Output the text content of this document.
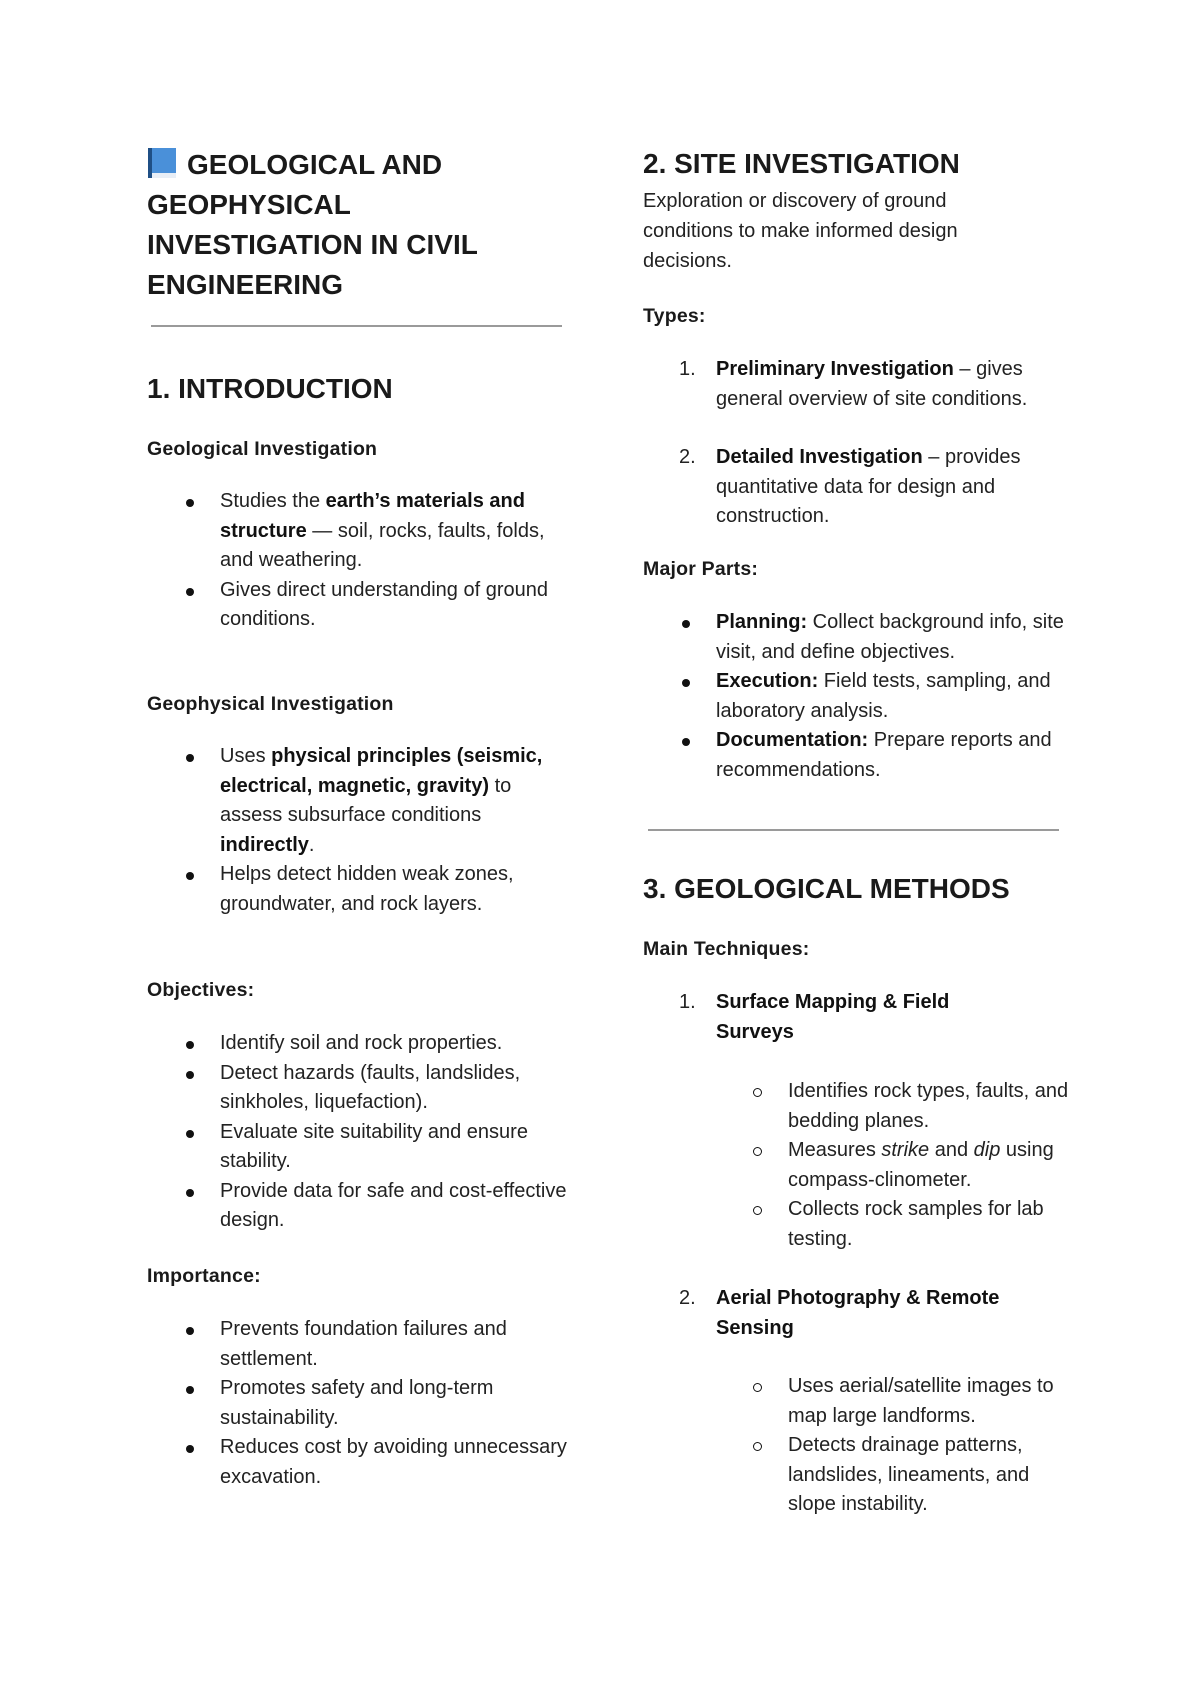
GEOLOGICAL AND GEOPHYSICAL INVESTIGATION IN CIVIL ENGINEERING
1. INTRODUCTION
Geological Investigation
Studies the earth’s materials and structure — soil, rocks, faults, folds, and weathering.
Gives direct understanding of ground conditions.
Geophysical Investigation
Uses physical principles (seismic, electrical, magnetic, gravity) to assess subsurface conditions indirectly.
Helps detect hidden weak zones, groundwater, and rock layers.
Objectives:
Identify soil and rock properties.
Detect hazards (faults, landslides, sinkholes, liquefaction).
Evaluate site suitability and ensure stability.
Provide data for safe and cost-effective design.
Importance:
Prevents foundation failures and settlement.
Promotes safety and long-term sustainability.
Reduces cost by avoiding unnecessary excavation.
2. SITE INVESTIGATION

Exploration or discovery of ground conditions to make informed design decisions.

Types:
1. Preliminary Investigation – gives general overview of site conditions.
2. Detailed Investigation – provides quantitative data for design and construction.
Major Parts:
Planning: Collect background info, site visit, and define objectives.
Execution: Field tests, sampling, and laboratory analysis.
Documentation: Prepare reports and recommendations.
3. GEOLOGICAL METHODS
Main Techniques:
1. Surface Mapping & Field Surveys
Identifies rock types, faults, and bedding planes.
Measures strike and dip using compass-clinometer.
Collects rock samples for lab testing.
2. Aerial Photography & Remote Sensing
Uses aerial/satellite images to map large landforms.
Detects drainage patterns, landslides, lineaments, and slope instability.
